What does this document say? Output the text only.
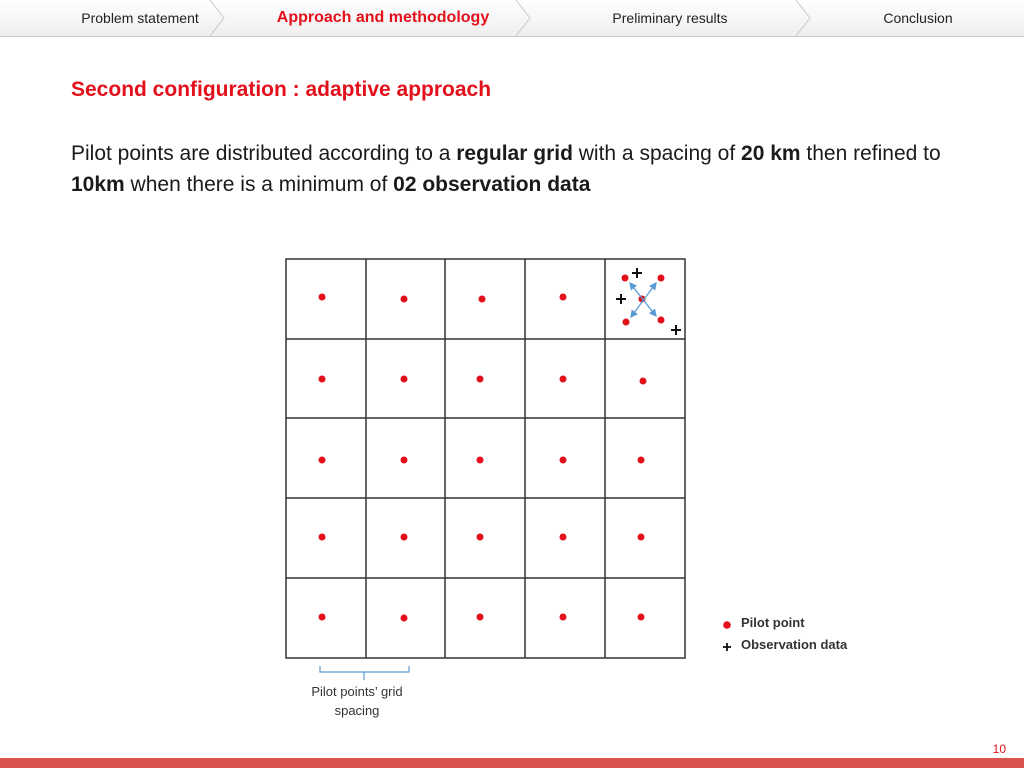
Problem statement	Approach and methodology	Preliminary results	Conclusion
Second configuration : adaptive approach
Pilot points are distributed according to a regular grid with a spacing of 20 km then refined to 10km when there is a minimum of 02 observation data
Pilot point
Observation data
Pilot points’ grid
spacing
10
